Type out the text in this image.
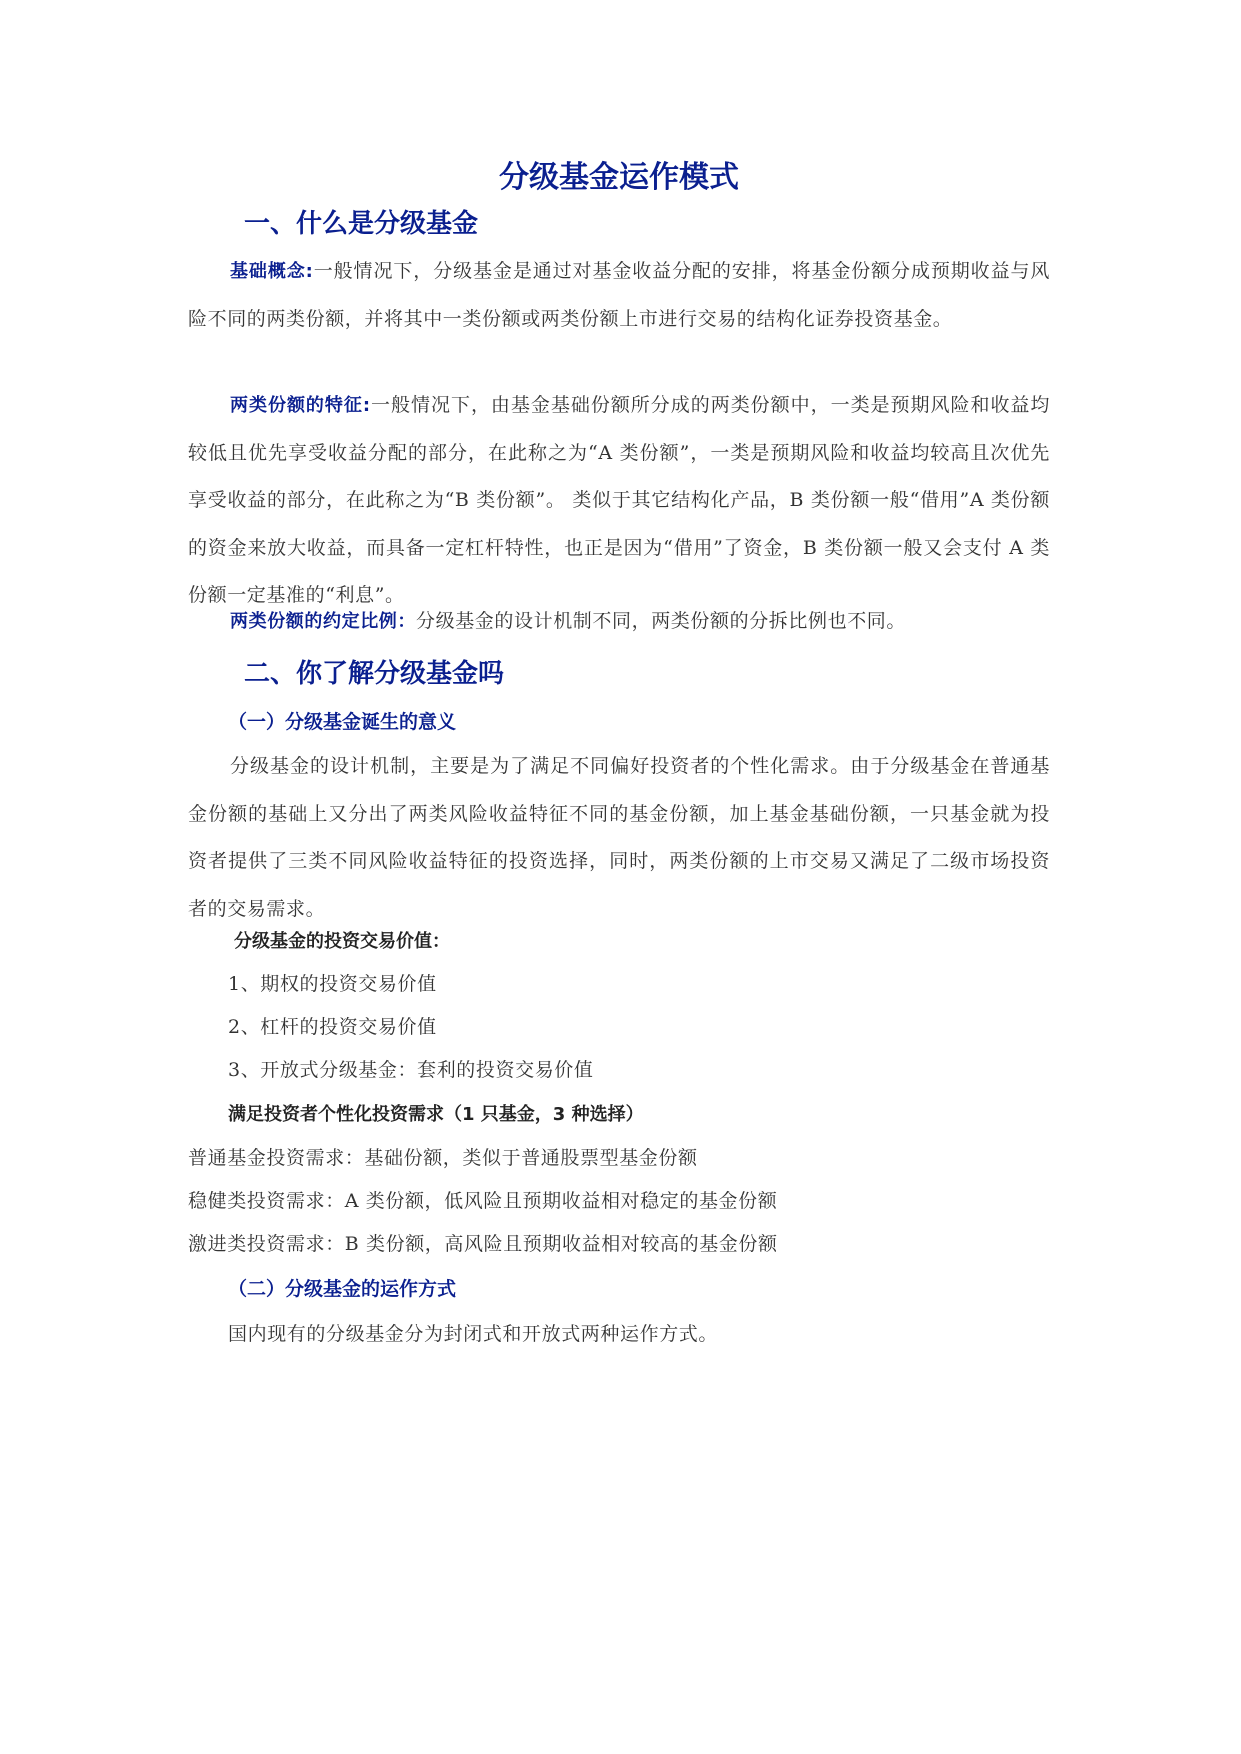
分级基金运作模式
一、什么是分级基金

基础概念:一般情况下，分级基金是通过对基金收益分配的安排，将基金份额分成预期收益与风险不同的两类份额，并将其中一类份额或两类份额上市进行交易的结构化证券投资基金。

两类份额的特征:一般情况下，由基金基础份额所分成的两类份额中，一类是预期风险和收益均较低且优先享受收益分配的部分，在此称之为“A 类份额”，一类是预期风险和收益均较高且次优先享受收益的部分，在此称之为“B 类份额”。 类似于其它结构化产品，B 类份额一般“借用”A 类份额的资金来放大收益，而具备一定杠杆特性，也正是因为“借用”了资金，B 类份额一般又会支付 A 类份额一定基准的“利息”。

两类份额的约定比例：分级基金的设计机制不同，两类份额的分拆比例也不同。

二、你了解分级基金吗
（一）分级基金诞生的意义

分级基金的设计机制，主要是为了满足不同偏好投资者的个性化需求。由于分级基金在普通基金份额的基础上又分出了两类风险收益特征不同的基金份额，加上基金基础份额，一只基金就为投资者提供了三类不同风险收益特征的投资选择，同时，两类份额的上市交易又满足了二级市场投资者的交易需求。

分级基金的投资交易价值：

1、期权的投资交易价值

2、杠杆的投资交易价值

3、开放式分级基金：套利的投资交易价值

满足投资者个性化投资需求（1 只基金，3 种选择）

普通基金投资需求：基础份额，类似于普通股票型基金份额

稳健类投资需求：A 类份额，低风险且预期收益相对稳定的基金份额

激进类投资需求：B 类份额，高风险且预期收益相对较高的基金份额

（二）分级基金的运作方式

国内现有的分级基金分为封闭式和开放式两种运作方式。
